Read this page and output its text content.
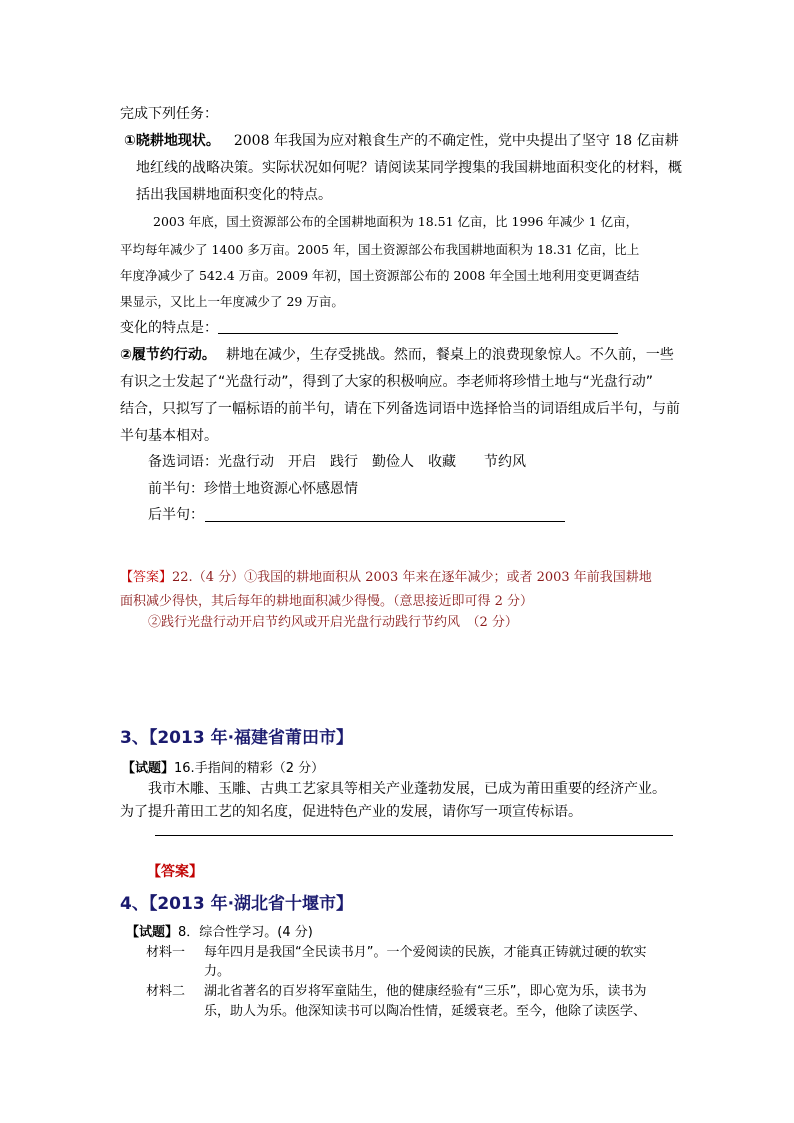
完成下列任务：
①晓耕地现状。 2008 年我国为应对粮食生产的不确定性，党中央提出了坚守 18 亿亩耕
地红线的战略决策。实际状况如何呢？请阅读某同学搜集的我国耕地面积变化的材料，概
括出我国耕地面积变化的特点。
2003 年底，国土资源部公布的全国耕地面积为 18.51 亿亩，比 1996 年减少 1 亿亩，
平均每年减少了 1400 多万亩。2005 年，国土资源部公布我国耕地面积为 18.31 亿亩，比上
年度净减少了 542.4 万亩。2009 年初，国土资源部公布的 2008 年全国土地利用变更调查结
果显示，又比上一年度减少了 29 万亩。
变化的特点是：
②履节约行动。 耕地在减少，生存受挑战。然而，餐桌上的浪费现象惊人。不久前，一些
有识之士发起了“光盘行动”，得到了大家的积极响应。李老师将珍惜土地与“光盘行动”
结合，只拟写了一幅标语的前半句，请在下列备选词语中选择恰当的词语组成后半句，与前
半句基本相对。
备选词语：光盘行动　开启　践行　勤俭人　收藏　　节约风
前半句：珍惜土地资源心怀感恩情
后半句：
【答案】22.（4 分）①我国的耕地面积从 2003 年来在逐年减少；或者 2003 年前我国耕地
面积减少得快，其后每年的耕地面积减少得慢。（意思接近即可得 2 分）
②践行光盘行动开启节约风或开启光盘行动践行节约风　（2 分）
3、【2013 年·福建省莆田市】
【试题】16.手指间的精彩（2 分）
我市木雕、玉雕、古典工艺家具等相关产业蓬勃发展，已成为莆田重要的经济产业。
为了提升莆田工艺的知名度，促进特色产业的发展，请你写一项宣传标语。
【答案】
4、【2013 年·湖北省十堰市】
【试题】8．综合性学习。(4 分)
材料一 每年四月是我国“全民读书月”。一个爱阅读的民族，才能真正铸就过硬的软实
力。
材料二 湖北省著名的百岁将军童陆生，他的健康经验有“三乐”，即心宽为乐，读书为
乐，助人为乐。他深知读书可以陶冶性情，延缓衰老。至今，他除了读医学、
